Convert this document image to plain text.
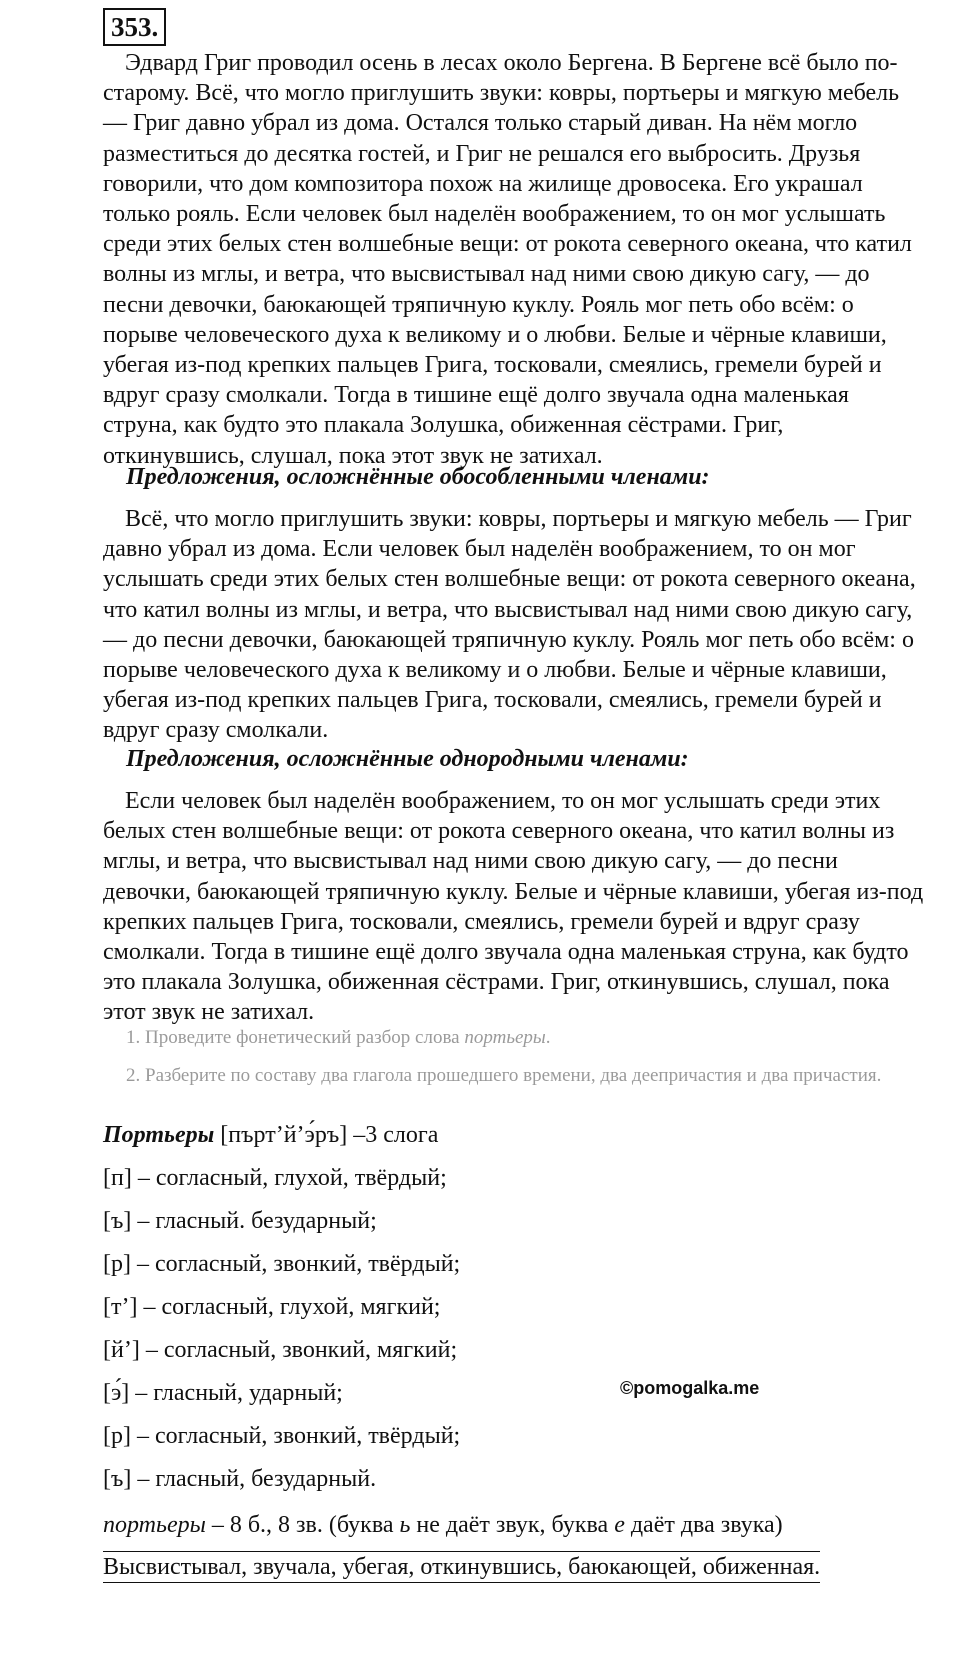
353.

Эдвард Григ проводил осень в лесах около Бергена. В Бергене всё было по-старому. Всё, что могло приглушить звуки: ковры, портьеры и мягкую мебель — Григ давно убрал из дома. Остался только старый диван. На нём могло разместиться до десятка гостей, и Григ не решался его выбросить. Друзья говорили, что дом композитора похож на жилище дровосека. Его украшал только рояль. Если человек был наделён воображением, то он мог услышать среди этих белых стен волшебные вещи: от рокота северного океана, что катил волны из мглы, и ветра, что высвистывал над ними свою дикую сагу, — до песни девочки, баюкающей тряпичную куклу. Рояль мог петь обо всём: о порыве человеческого духа к великому и о любви. Белые и чёрные клавиши, убегая из-под крепких пальцев Грига, тосковали, смеялись, гремели бурей и вдруг сразу смолкали. Тогда в тишине ещё долго звучала одна маленькая струна, как будто это плакала Золушка, обиженная сёстрами. Григ, откинувшись, слушал, пока этот звук не затихал.

Предложения, осложнённые обособленными членами:

Всё, что могло приглушить звуки: ковры, портьеры и мягкую мебель — Григ давно убрал из дома. Если человек был наделён воображением, то он мог услышать среди этих белых стен волшебные вещи: от рокота северного океана, что катил волны из мглы, и ветра, что высвистывал над ними свою дикую сагу, — до песни девочки, баюкающей тряпичную куклу. Рояль мог петь обо всём: о порыве человеческого духа к великому и о любви. Белые и чёрные клавиши, убегая из-под крепких пальцев Грига, тосковали, смеялись, гремели бурей и вдруг сразу смолкали.

Предложения, осложнённые однородными членами:

Если человек был наделён воображением, то он мог услышать среди этих белых стен волшебные вещи: от рокота северного океана, что катил волны из мглы, и ветра, что высвистывал над ними свою дикую сагу, — до песни девочки, баюкающей тряпичную куклу. Белые и чёрные клавиши, убегая из-под крепких пальцев Грига, тосковали, смеялись, гремели бурей и вдруг сразу смолкали. Тогда в тишине ещё долго звучала одна маленькая струна, как будто это плакала Золушка, обиженная сёстрами. Григ, откинувшись, слушал, пока этот звук не затихал.

1. Проведите фонетический разбор слова портьеры.

2. Разберите по составу два глагола прошедшего времени, два деепричастия и два причастия.

Портьеры [пърт’й’э́ръ] –3 слога

[п] – согласный, глухой, твёрдый;

[ъ] – гласный. безударный;

[р] – согласный, звонкий, твёрдый;

[т’] – согласный, глухой, мягкий;

[й’] – согласный, звонкий, мягкий;

[э́] – гласный, ударный;

[р] – согласный, звонкий, твёрдый;

[ъ] – гласный, безударный.

©pomogalka.me

портьеры – 8 б., 8 зв. (буква ь не даёт звук, буква е даёт два звука)

Высвистывал, звучала, убегая, откинувшись, баюкающей, обиженная.
